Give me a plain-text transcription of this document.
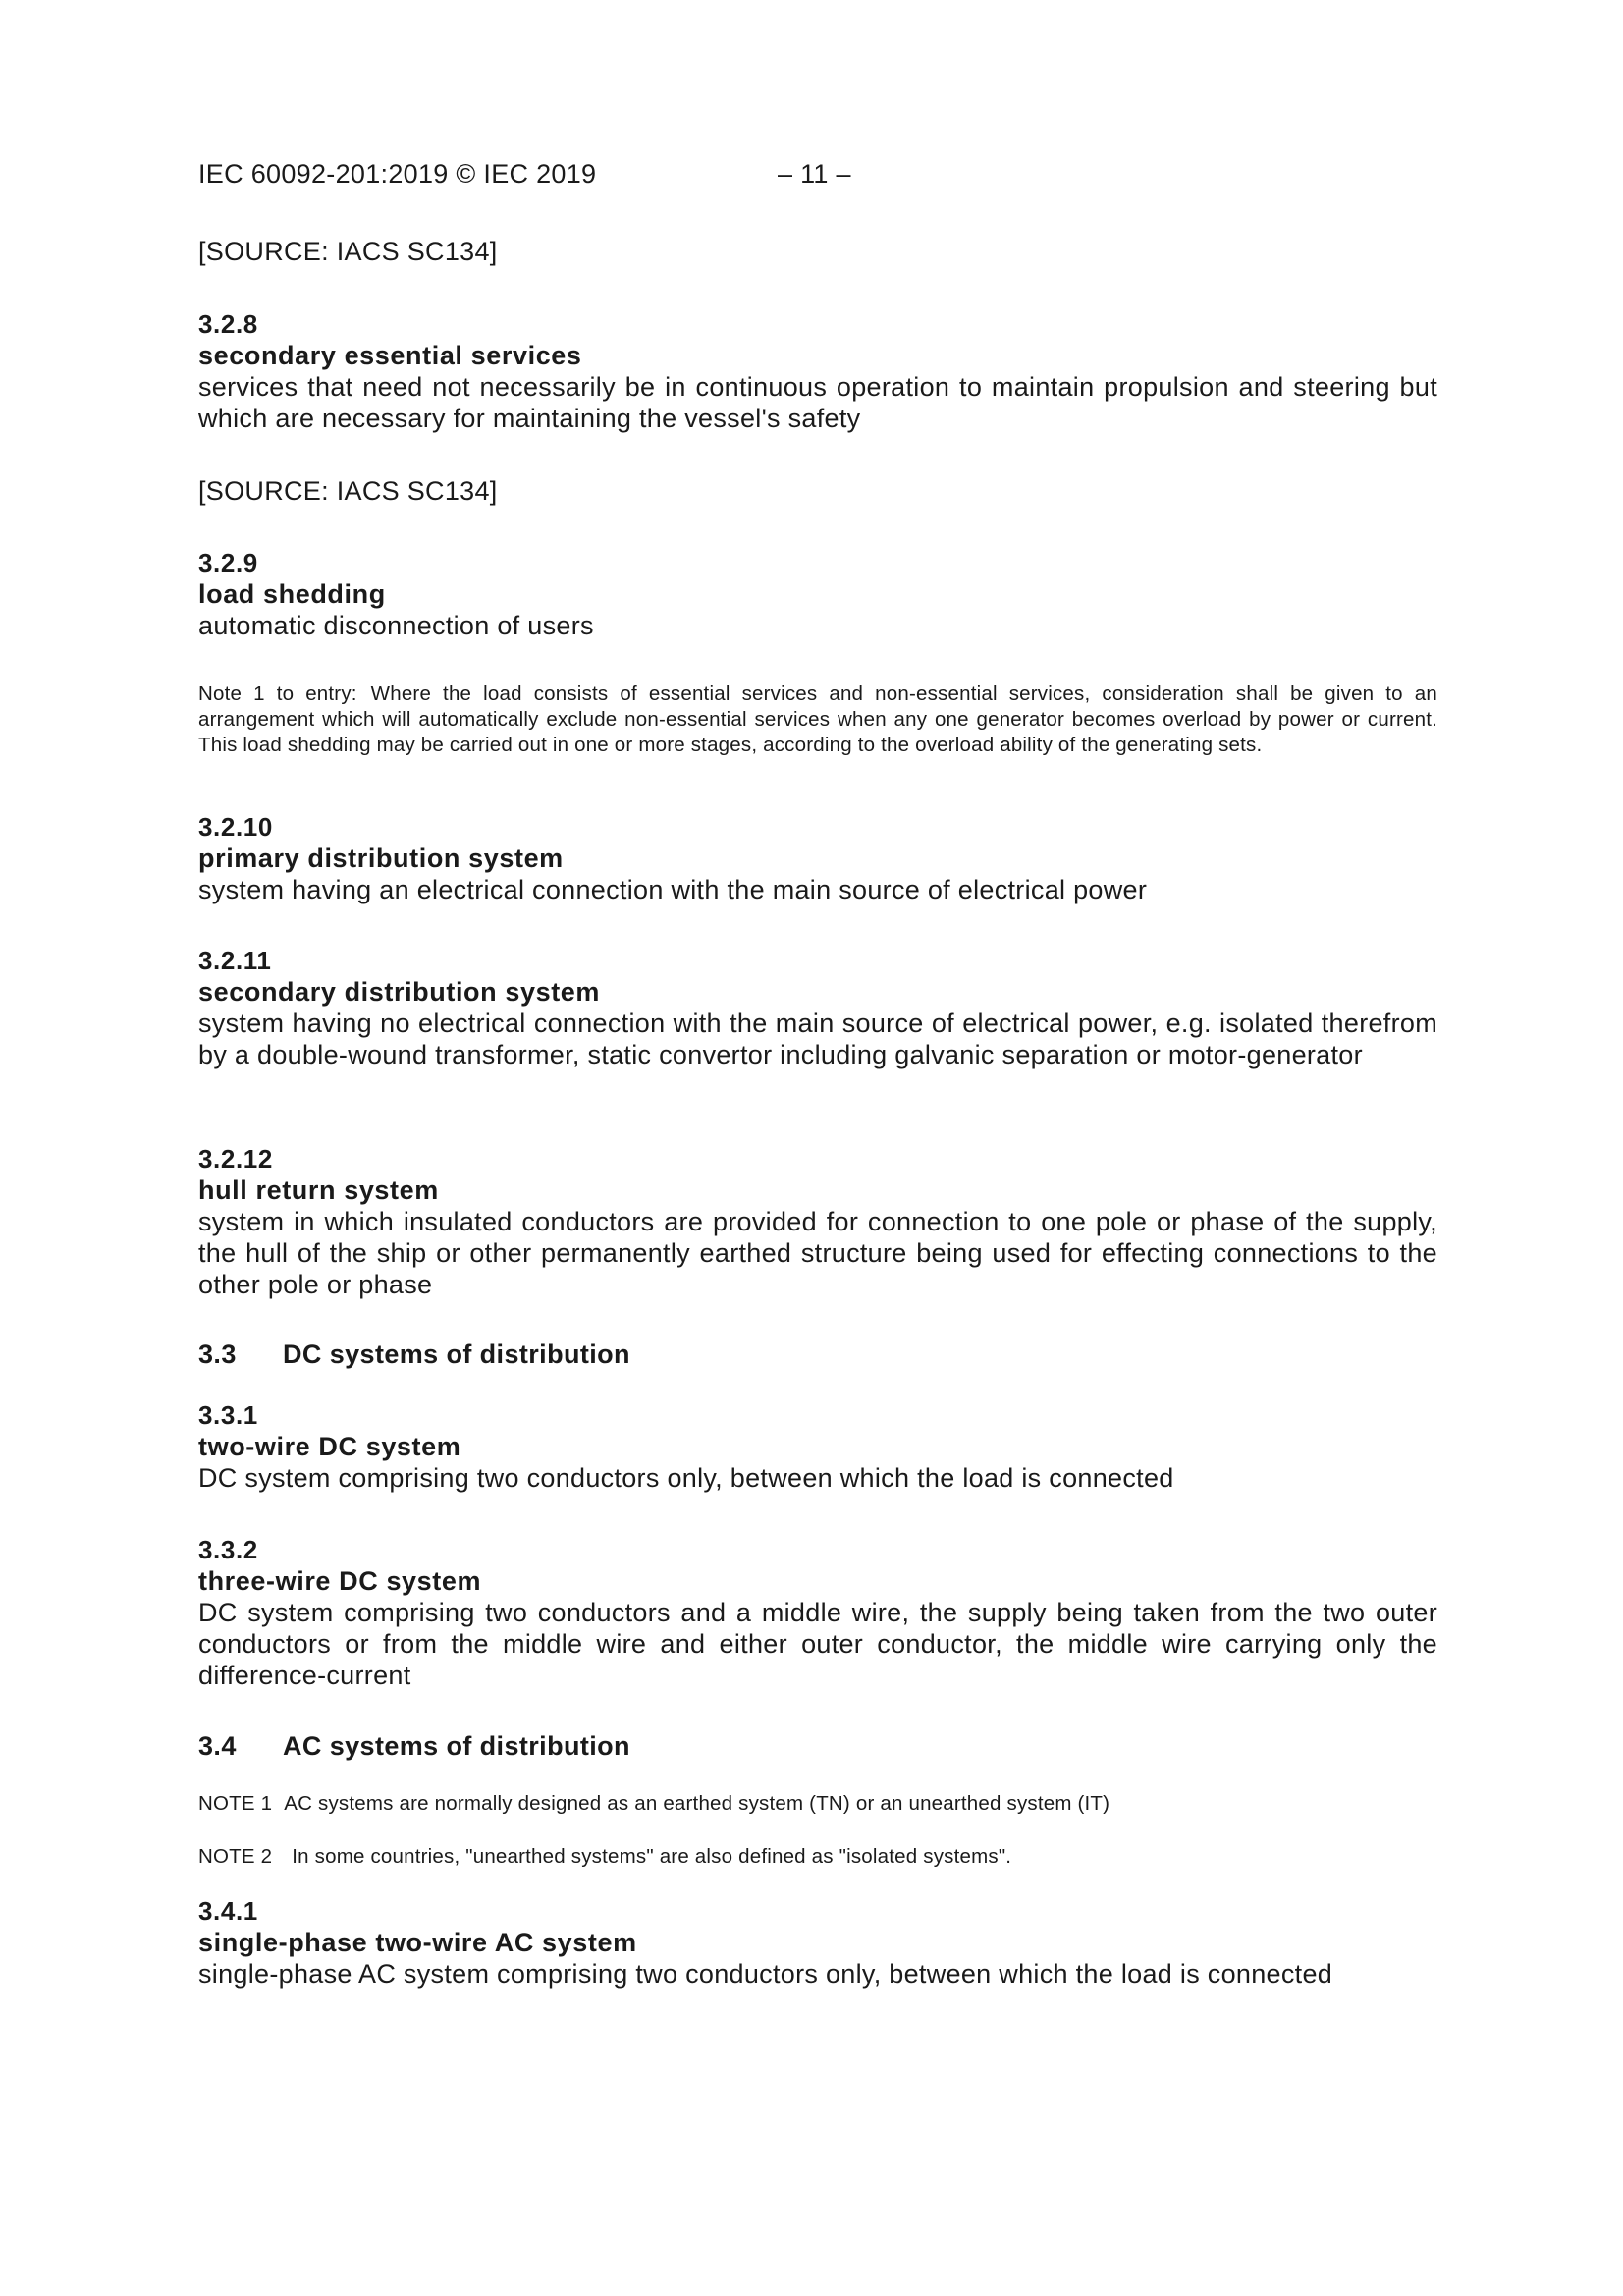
IEC 60092-201:2019 © IEC 2019	– 11 –
[SOURCE: IACS SC134]
3.2.8
secondary essential services
services that need not necessarily be in continuous operation to maintain propulsion and steering but which are necessary for maintaining the vessel's safety
[SOURCE: IACS SC134]
3.2.9
load shedding
automatic disconnection of users
Note 1 to entry: Where the load consists of essential services and non-essential services, consideration shall be given to an arrangement which will automatically exclude non-essential services when any one generator becomes overload by power or current. This load shedding may be carried out in one or more stages, according to the overload ability of the generating sets.
3.2.10
primary distribution system
system having an electrical connection with the main source of electrical power
3.2.11
secondary distribution system
system having no electrical connection with the main source of electrical power, e.g. isolated therefrom by a double-wound transformer, static convertor including galvanic separation or motor-generator
3.2.12
hull return system
system in which insulated conductors are provided for connection to one pole or phase of the supply, the hull of the ship or other permanently earthed structure being used for effecting connections to the other pole or phase
3.3 DC systems of distribution
3.3.1
two-wire DC system
DC system comprising two conductors only, between which the load is connected
3.3.2
three-wire DC system
DC system comprising two conductors and a middle wire, the supply being taken from the two outer conductors or from the middle wire and either outer conductor, the middle wire carrying only the difference-current
3.4 AC systems of distribution
NOTE 1 AC systems are normally designed as an earthed system (TN) or an unearthed system (IT)
NOTE 2 In some countries, "unearthed systems" are also defined as "isolated systems".
3.4.1
single-phase two-wire AC system
single-phase AC system comprising two conductors only, between which the load is connected
